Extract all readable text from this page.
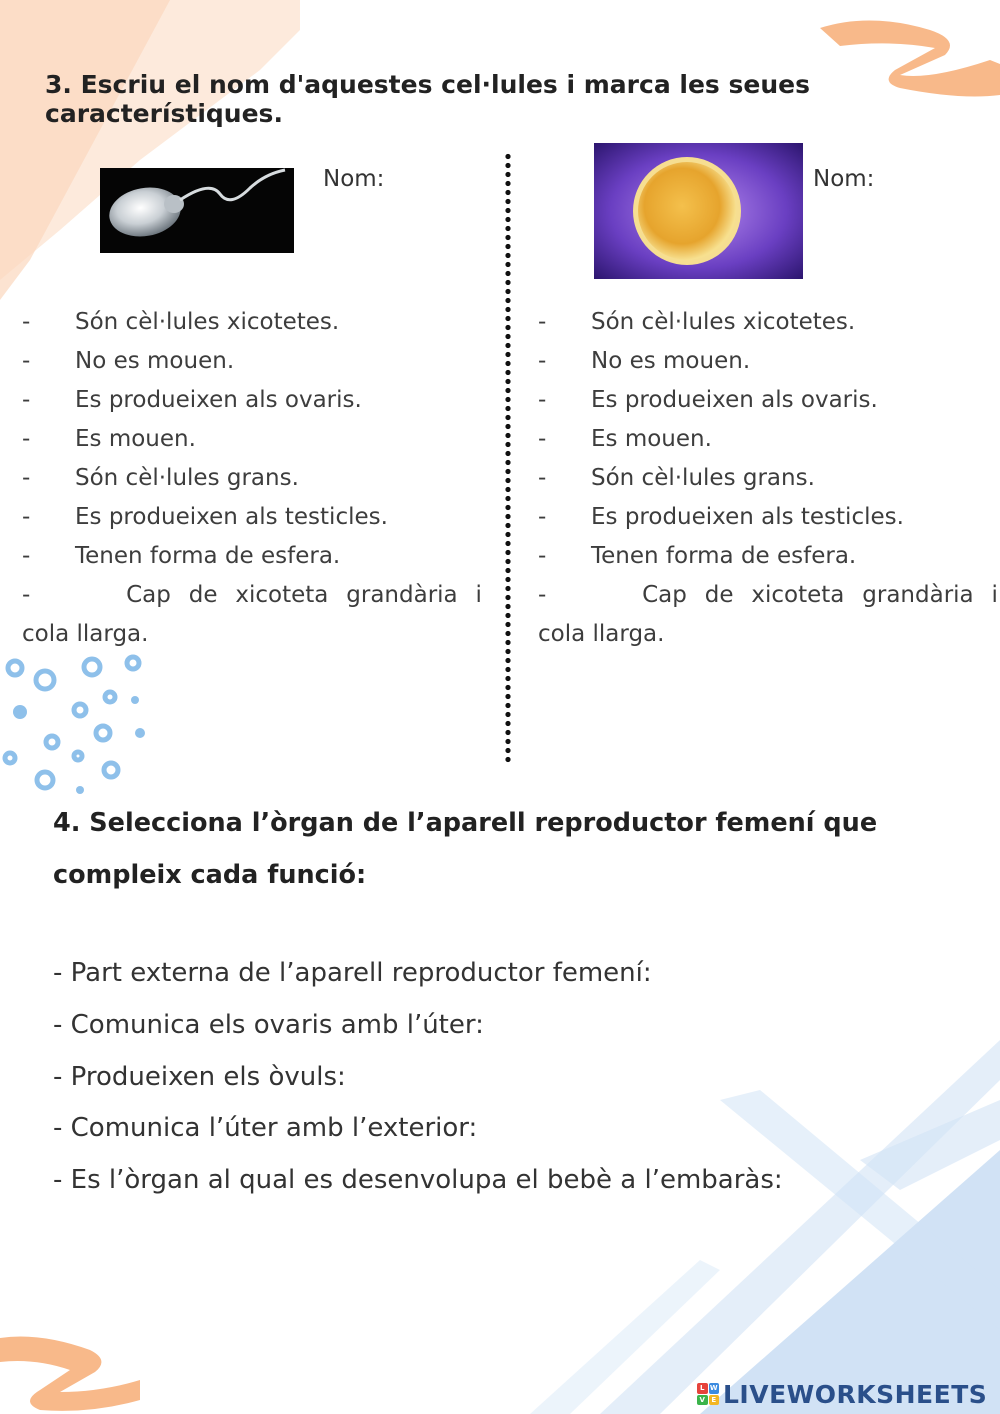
3. Escriu el nom d'aquestes cel·lules i marca les seues característiques.
Nom:	Nom:
- Són cèl·lules xicotetes.
- No es mouen.
- Es produeixen als ovaris.
- Es mouen.
- Són cèl·lules grans.
- Es produeixen als testicles.
- Tenen forma de esfera.
-	Cap de xicoteta grandària i
cola llarga.
- Són cèl·lules xicotetes.
- No es mouen.
- Es produeixen als ovaris.
- Es mouen.
- Són cèl·lules grans.
- Es produeixen als testicles.
- Tenen forma de esfera.
-	Cap de xicoteta grandària i
cola llarga.
4. Selecciona l’òrgan de l’aparell reproductor femení que compleix cada funció:
- Part externa de l’aparell reproductor femení:
- Comunica els ovaris amb l’úter:
- Produeixen els òvuls:
- Comunica l’úter amb l’exterior:
- Es l’òrgan al qual es desenvolupa el bebè a l’embaràs:
L W
V E LIVEWORKSHEETS
